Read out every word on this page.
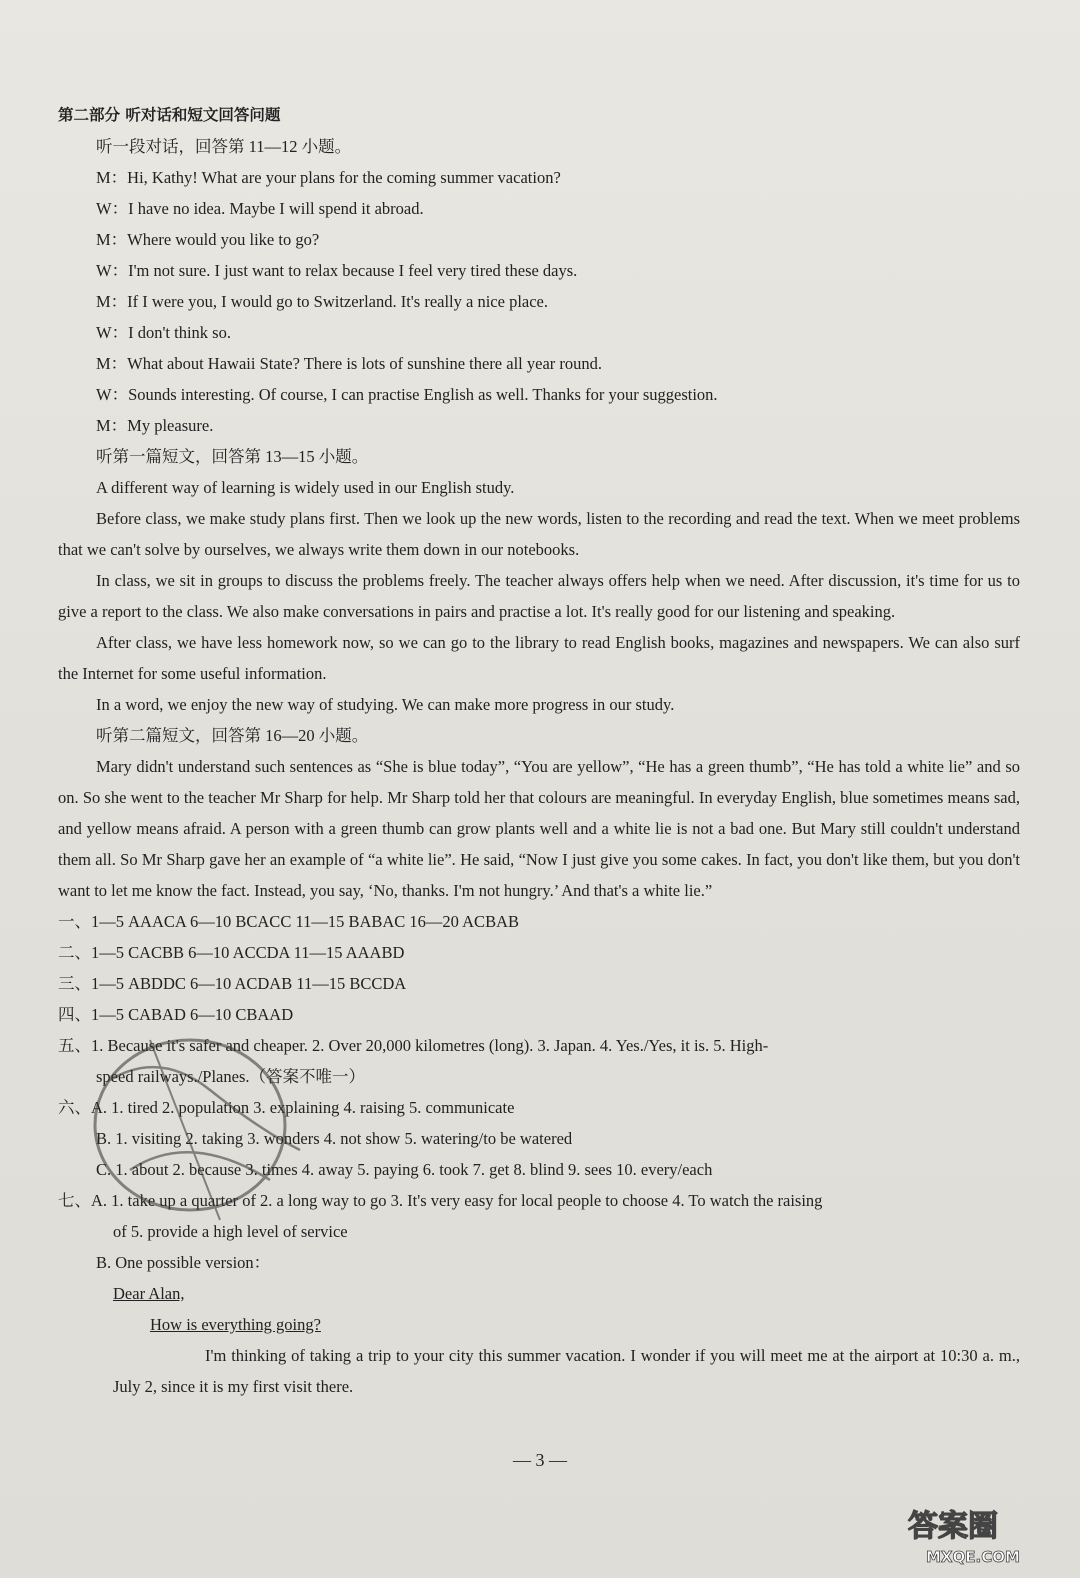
第二部分 听对话和短文回答问题
听一段对话，回答第 11—12 小题。
M：Hi, Kathy! What are your plans for the coming summer vacation?
W：I have no idea. Maybe I will spend it abroad.
M：Where would you like to go?
W：I'm not sure. I just want to relax because I feel very tired these days.
M：If I were you, I would go to Switzerland. It's really a nice place.
W：I don't think so.
M：What about Hawaii State? There is lots of sunshine there all year round.
W：Sounds interesting. Of course, I can practise English as well. Thanks for your suggestion.
M：My pleasure.
听第一篇短文，回答第 13—15 小题。
A different way of learning is widely used in our English study.
Before class, we make study plans first. Then we look up the new words, listen to the recording and read the text. When we meet problems that we can't solve by ourselves, we always write them down in our notebooks.
In class, we sit in groups to discuss the problems freely. The teacher always offers help when we need. After discussion, it's time for us to give a report to the class. We also make conversations in pairs and practise a lot. It's really good for our listening and speaking.
After class, we have less homework now, so we can go to the library to read English books, magazines and newspapers. We can also surf the Internet for some useful information.
In a word, we enjoy the new way of studying. We can make more progress in our study.
听第二篇短文，回答第 16—20 小题。
Mary didn't understand such sentences as “She is blue today”, “You are yellow”, “He has a green thumb”, “He has told a white lie” and so on. So she went to the teacher Mr Sharp for help. Mr Sharp told her that colours are meaningful. In everyday English, blue sometimes means sad, and yellow means afraid. A person with a green thumb can grow plants well and a white lie is not a bad one. But Mary still couldn't understand them all. So Mr Sharp gave her an example of “a white lie”. He said, “Now I just give you some cakes. In fact, you don't like them, but you don't want to let me know the fact. Instead, you say, ‘No, thanks. I'm not hungry.’ And that's a white lie.”
一、1—5 AAACA 6—10 BCACC 11—15 BABAC 16—20 ACBAB
二、1—5 CACBB 6—10 ACCDA 11—15 AAABD
三、1—5 ABDDC 6—10 ACDAB 11—15 BCCDA
四、1—5 CABAD 6—10 CBAAD
五、1. Because it's safer and cheaper. 2. Over 20,000 kilometres (long). 3. Japan. 4. Yes./Yes, it is. 5. High-
speed railways./Planes.（答案不唯一）
六、A. 1. tired 2. population 3. explaining 4. raising 5. communicate
B. 1. visiting 2. taking 3. wonders 4. not show 5. watering/to be watered
C. 1. about 2. because 3. times 4. away 5. paying 6. took 7. get 8. blind 9. sees 10. every/each
七、A. 1. take up a quarter of 2. a long way to go 3. It's very easy for local people to choose 4. To watch the raising
of 5. provide a high level of service
B. One possible version：
Dear Alan,
How is everything going?
I'm thinking of taking a trip to your city this summer vacation. I wonder if you will meet me at the airport at 10:30 a. m., July 2, since it is my first visit there.
— 3 —
答案圈
MXQE.COM
